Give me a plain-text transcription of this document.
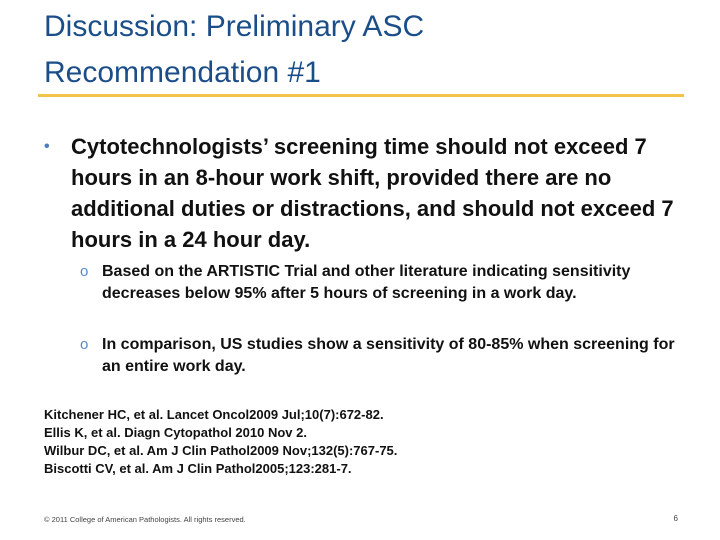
Discussion: Preliminary ASC
Recommendation #1
• Cytotechnologists’ screening time should not exceed 7 hours in an 8-hour work shift, provided there are no additional duties or distractions, and should not exceed 7 hours in a 24 hour day.
o Based on the ARTISTIC Trial and other literature indicating sensitivity decreases below 95% after 5 hours of screening in a work day.
o In comparison, US studies show a sensitivity of 80-85% when screening for an entire work day.
Kitchener HC, et al. Lancet Oncol2009 Jul;10(7):672-82.
Ellis K, et al. Diagn Cytopathol 2010 Nov 2.
Wilbur DC, et al. Am J Clin Pathol2009 Nov;132(5):767-75.
Biscotti CV, et al. Am J Clin Pathol2005;123:281-7.
© 2011 College of American Pathologists. All rights reserved.	6
